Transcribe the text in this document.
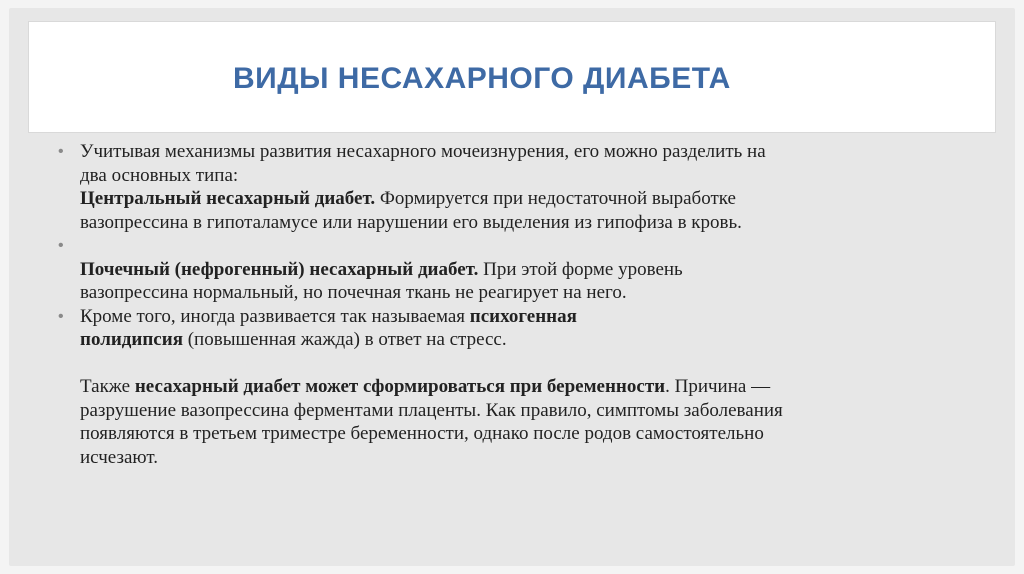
ВИДЫ НЕСАХАРНОГО ДИАБЕТА
• Учитывая механизмы развития несахарного мочеизнурения, его можно разделить на
два основных типа:
Центральный несахарный диабет. Формируется при недостаточной выработке
вазопрессина в гипоталамусе или нарушении его выделения из гипофиза в кровь.
•
Почечный (нефрогенный) несахарный диабет. При этой форме уровень
вазопрессина нормальный, но почечная ткань не реагирует на него.
• Кроме того, иногда развивается так называемая психогенная
полидипсия (повышенная жажда) в ответ на стресс.
Также несахарный диабет может сформироваться при беременности. Причина —
разрушение вазопрессина ферментами плаценты. Как правило, симптомы заболевания
появляются в третьем триместре беременности, однако после родов самостоятельно
исчезают.
